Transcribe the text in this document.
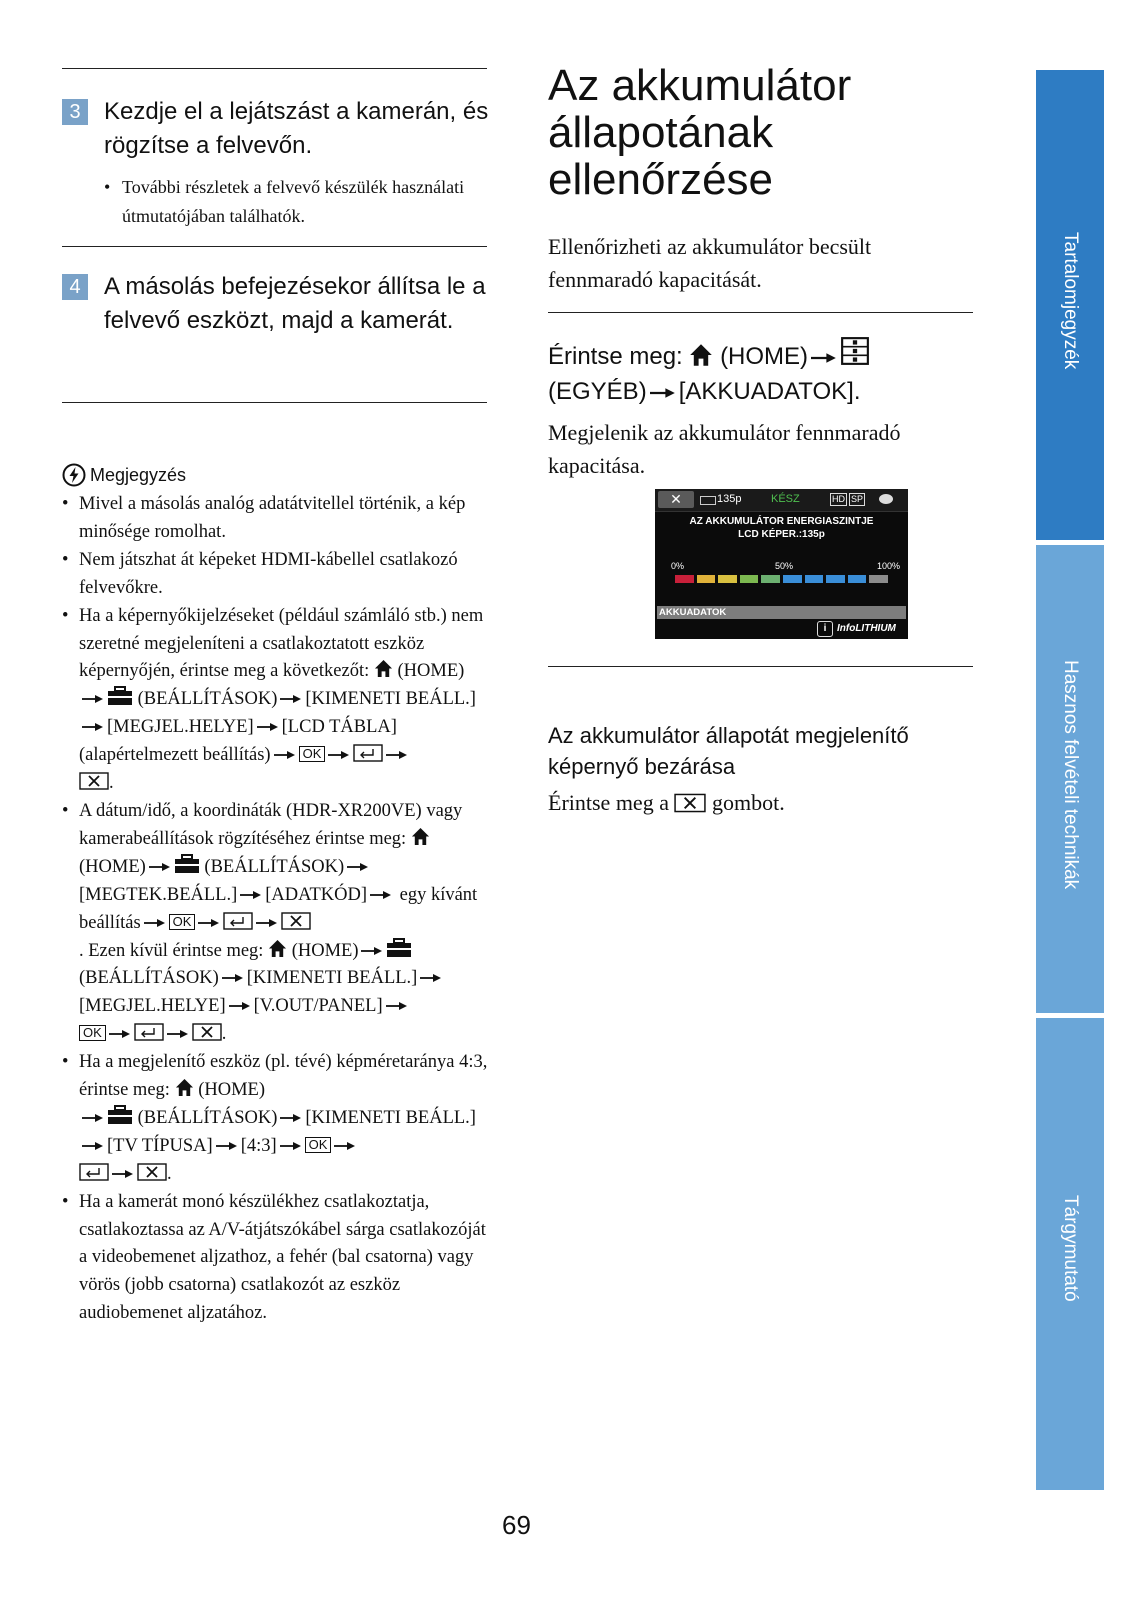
3 Kezdje el a lejátszást a kamerán, és rögzítse a felvevőn.
• További részletek a felvevő készülék használati útmutatójában találhatók.
4 A másolás befejezésekor állítsa le a felvevő eszközt, majd a kamerát.
Megjegyzés
• Mivel a másolás analóg adatátvitellel történik, a kép minősége romolhat.
• Nem játszhat át képeket HDMI-kábellel csatlakozó felvevőkre.
• Ha a képernyőkijelzéseket (például számláló stb.) nem szeretné megjeleníteni a csatlakoztatott eszköz képernyőjén, érintse meg a következőt: (HOME) (BEÁLLÍTÁSOK) [KIMENETI BEÁLL.] [MEGJEL.HELYE] [LCD TÁBLA] (alapértelmezett beállítás) OK
.
• A dátum/idő, a koordináták (HDR-XR200VE) vagy kamerabeállítások rögzítéséhez érintse meg:  (HOME)	(BEÁLLÍTÁSOK)[MEGTEK.BEÁLL.] [ADATKÓD] egy kívánt beállítás OK
. Ezen kívül érintse meg: (HOME) (BEÁLLÍTÁSOK) [KIMENETI BEÁLL.] [MEGJEL.HELYE] [V.OUT/PANEL]
OK	.
• Ha a megjelenítő eszköz (pl. tévé) képméretaránya 4:3, érintse meg: (HOME)
(BEÁLLÍTÁSOK) [KIMENETI BEÁLL.][TV TÍPUSA] [4:3] OK
.
• Ha a kamerát monó készülékhez csatlakoztatja, csatlakoztassa az A/V-átjátszókábel sárga csatlakozóját a videobemenet aljzathoz, a fehér (bal csatorna) vagy vörös (jobb csatorna) csatlakozót az eszköz audiobemenet aljzatához.
Az akkumulátor
állapotának
ellenőrzése
Ellenőrizheti az akkumulátor becsült fennmaradó kapacitását.
Érintse meg: (HOME)
(EGYÉB) [AKKUADATOK].
Megjelenik az akkumulátor fennmaradó kapacitása.
✕	135p	KÉSZ	HD SP
AZ AKKUMULÁTOR ENERGIASZINTJE
LCD KÉPER.:135p
0%	50%	100%
AKKUADATOK
i	InfoLITHIUM
Az akkumulátor állapotát megjelenítő képernyő bezárása
Érintse meg a gombot.
Tartalomjegyzék
Hasznos felvételi technikák
Tárgymutató
69
